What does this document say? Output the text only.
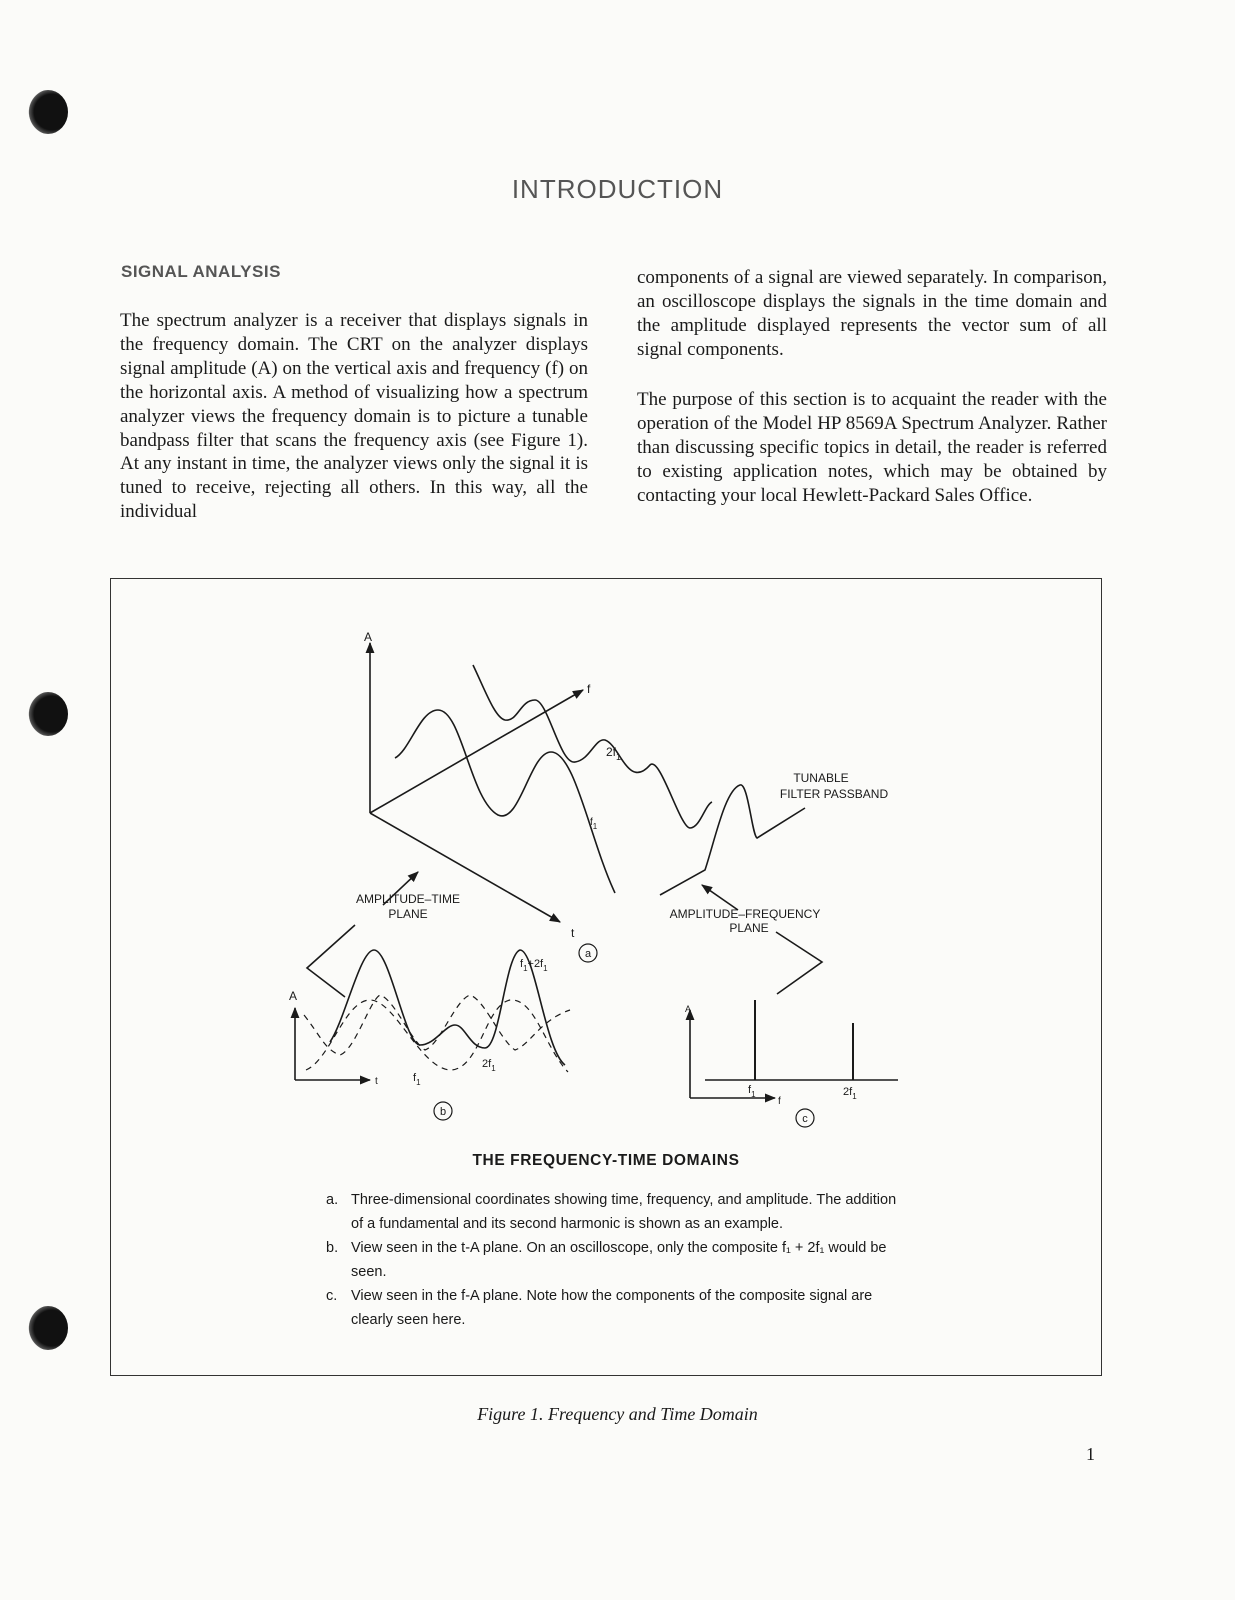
INTRODUCTION
SIGNAL ANALYSIS

The spectrum analyzer is a receiver that displays signals in the frequency domain. The CRT on the analyzer displays signal amplitude (A) on the vertical axis and frequency (f) on the horizontal axis. A method of visualizing how a spectrum analyzer views the frequency domain is to picture a tunable bandpass filter that scans the frequency axis (see Figure 1). At any instant in time, the analyzer views only the signal it is tuned to receive, rejecting all others. In this way, all the individual

components of a signal are viewed separately. In comparison, an oscilloscope displays the signals in the time domain and the amplitude displayed represents the vector sum of all signal components.

The purpose of this section is to acquaint the reader with the operation of the Model HP 8569A Spectrum Analyzer. Rather than discussing specific topics in detail, the reader is referred to existing application notes, which may be obtained by contacting your local Hewlett-Packard Sales Office.

A
f
t
$2f_1$
$f_1$
TUNABLE
FILTER PASSBAND
AMPLITUDE–TIME
PLANE	AMPLITUDE–FREQUENCY
PLANE
a
b
c
$f_1+2f_1$
A
t	$f_1$
$2f_1$
A
f
$f_1$	$2f_1$

THE FREQUENCY-TIME DOMAINS

a. Three-dimensional coordinates showing time, frequency, and amplitude. The addition of a fundamental and its second harmonic is shown as an example.
b. View seen in the t-A plane. On an oscilloscope, only the composite f₁ + 2f₁ would be seen.
c. View seen in the f-A plane. Note how the components of the composite signal are clearly seen here.

Figure 1. Frequency and Time Domain

1
